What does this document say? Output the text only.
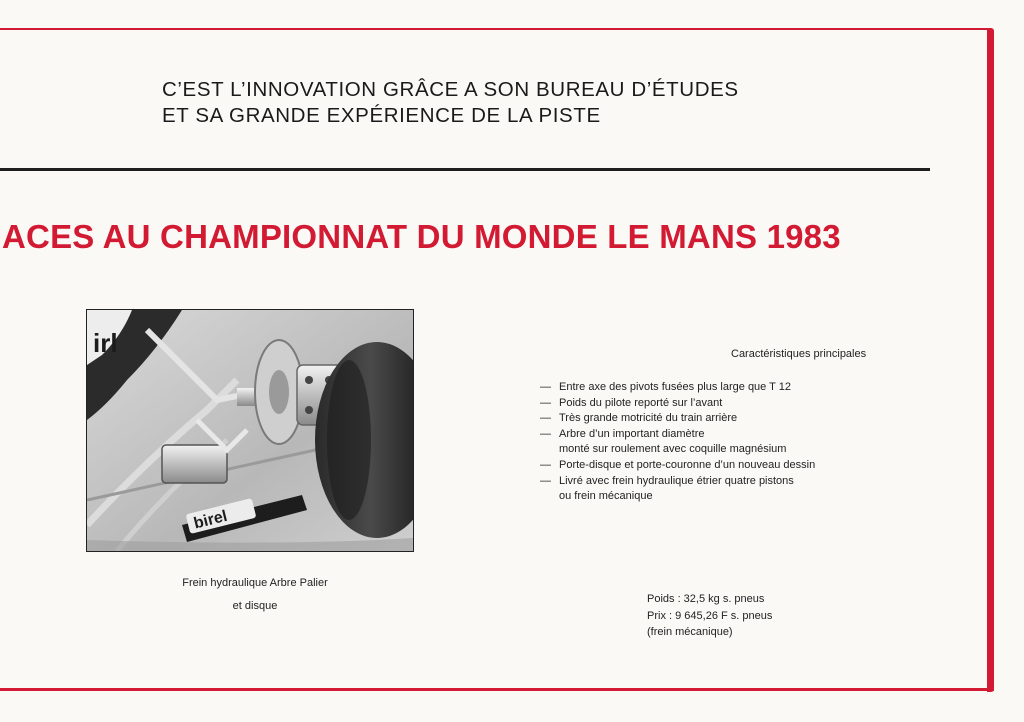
C’EST L’INNOVATION GRÂCE A SON BUREAU D’ÉTUDES
ET SA GRANDE EXPÉRIENCE DE LA PISTE
ACES AU CHAMPIONNAT DU MONDE LE MANS 1983
irl
birel
Frein hydraulique Arbre Palier
et disque
Caractéristiques principales
— Entre axe des pivots fusées plus large que T 12
— Poids du pilote reporté sur l’avant
— Très grande motricité du train arrière
— Arbre d’un important diamètre
monté sur roulement avec coquille magnésium
— Porte-disque et porte-couronne d’un nouveau dessin
— Livré avec frein hydraulique étrier quatre pistons
ou frein mécanique
Poids : 32,5 kg s. pneus
Prix : 9 645,26 F s. pneus
(frein mécanique)
